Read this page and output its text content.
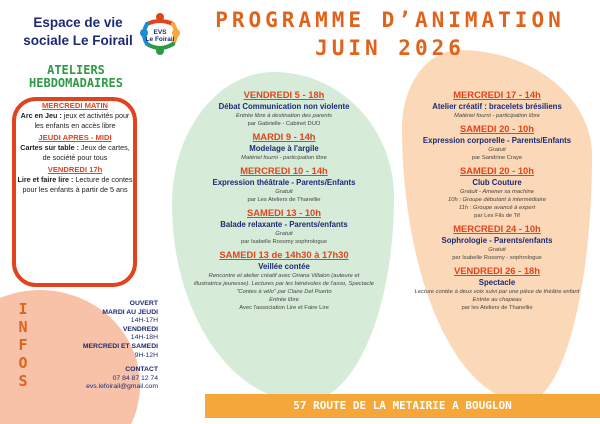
Espace de vie
sociale Le Foirail
EVS
Le Foirail
PROGRAMME D’ANIMATION
JUIN 2026
ATELIERS
HEBDOMADAIRES
MERCREDI MATIN
Arc en Jeu : jeux et activités pour les enfants en accès libre
JEUDI APRES - MIDI
Cartes sur table : Jeux de cartes, de société pour tous
VENDREDI 17h
Lire et faire lire : Lecture de contes pour les enfants à partir de 5 ans
I
N
F
O
S
OUVERT
MARDI AU JEUDI
14H-17H
VENDREDI
14H-18H
MERCREDI ET SAMEDI
9H-12H
CONTACT
07 84 87 12 74
evs.lefoirail@gmail.com
VENDREDI 5 - 18h
Débat Communication non violente
Entrée libre à destination des parents
par Gabrielle - Cabinet DUO
MARDI 9 - 14h
Modelage à l'argile
Matériel fourni - participation libre
MERCREDI 10 - 14h
Expression théâtrale - Parents/Enfants
Gratuit
par Les Ateliers de Thanellie
SAMEDI 13 - 10h
Balade relaxante - Parents/enfants
Gratuit
par Isabelle Rossmy sophrologue
SAMEDI 13 de 14h30 à 17h30
Veillée contée
Rencontre et atelier créatif avec Oriana Villalon (auteure et
illustratrice jeunesse). Lectures par les bénévoles de l'asso, Spectacle
"Contes à vélo" par Claire Del Puerto
Entrée libre
Avec l'association Lire et Faire Lire
MERCREDI 17 - 14h
Atelier créatif : bracelets brésiliens
Matériel fourni - participation libre
SAMEDI 20 - 10h
Expression corporelle - Parents/Enfants
Gratuit
par Sandrine Craye
SAMEDI 20 - 10h
Club Couture
Gratuit - Amener sa machine
10h : Groupe débutant à intermédiaire
11h : Groupe avancé à expert
par Les Fils de Tif
MERCREDI 24 - 10h
Sophrologie - Parents/enfants
Gratuit
par Isabelle Rossmy - sophrologue
VENDREDI 26 - 18h
Spectacle
Lecture contée à deux voix suivi par une pièce de théâtre enfant
Entrée au chapeau
par les Ateliers de Thanellie
57 ROUTE DE LA METAIRIE A BOUGLON
